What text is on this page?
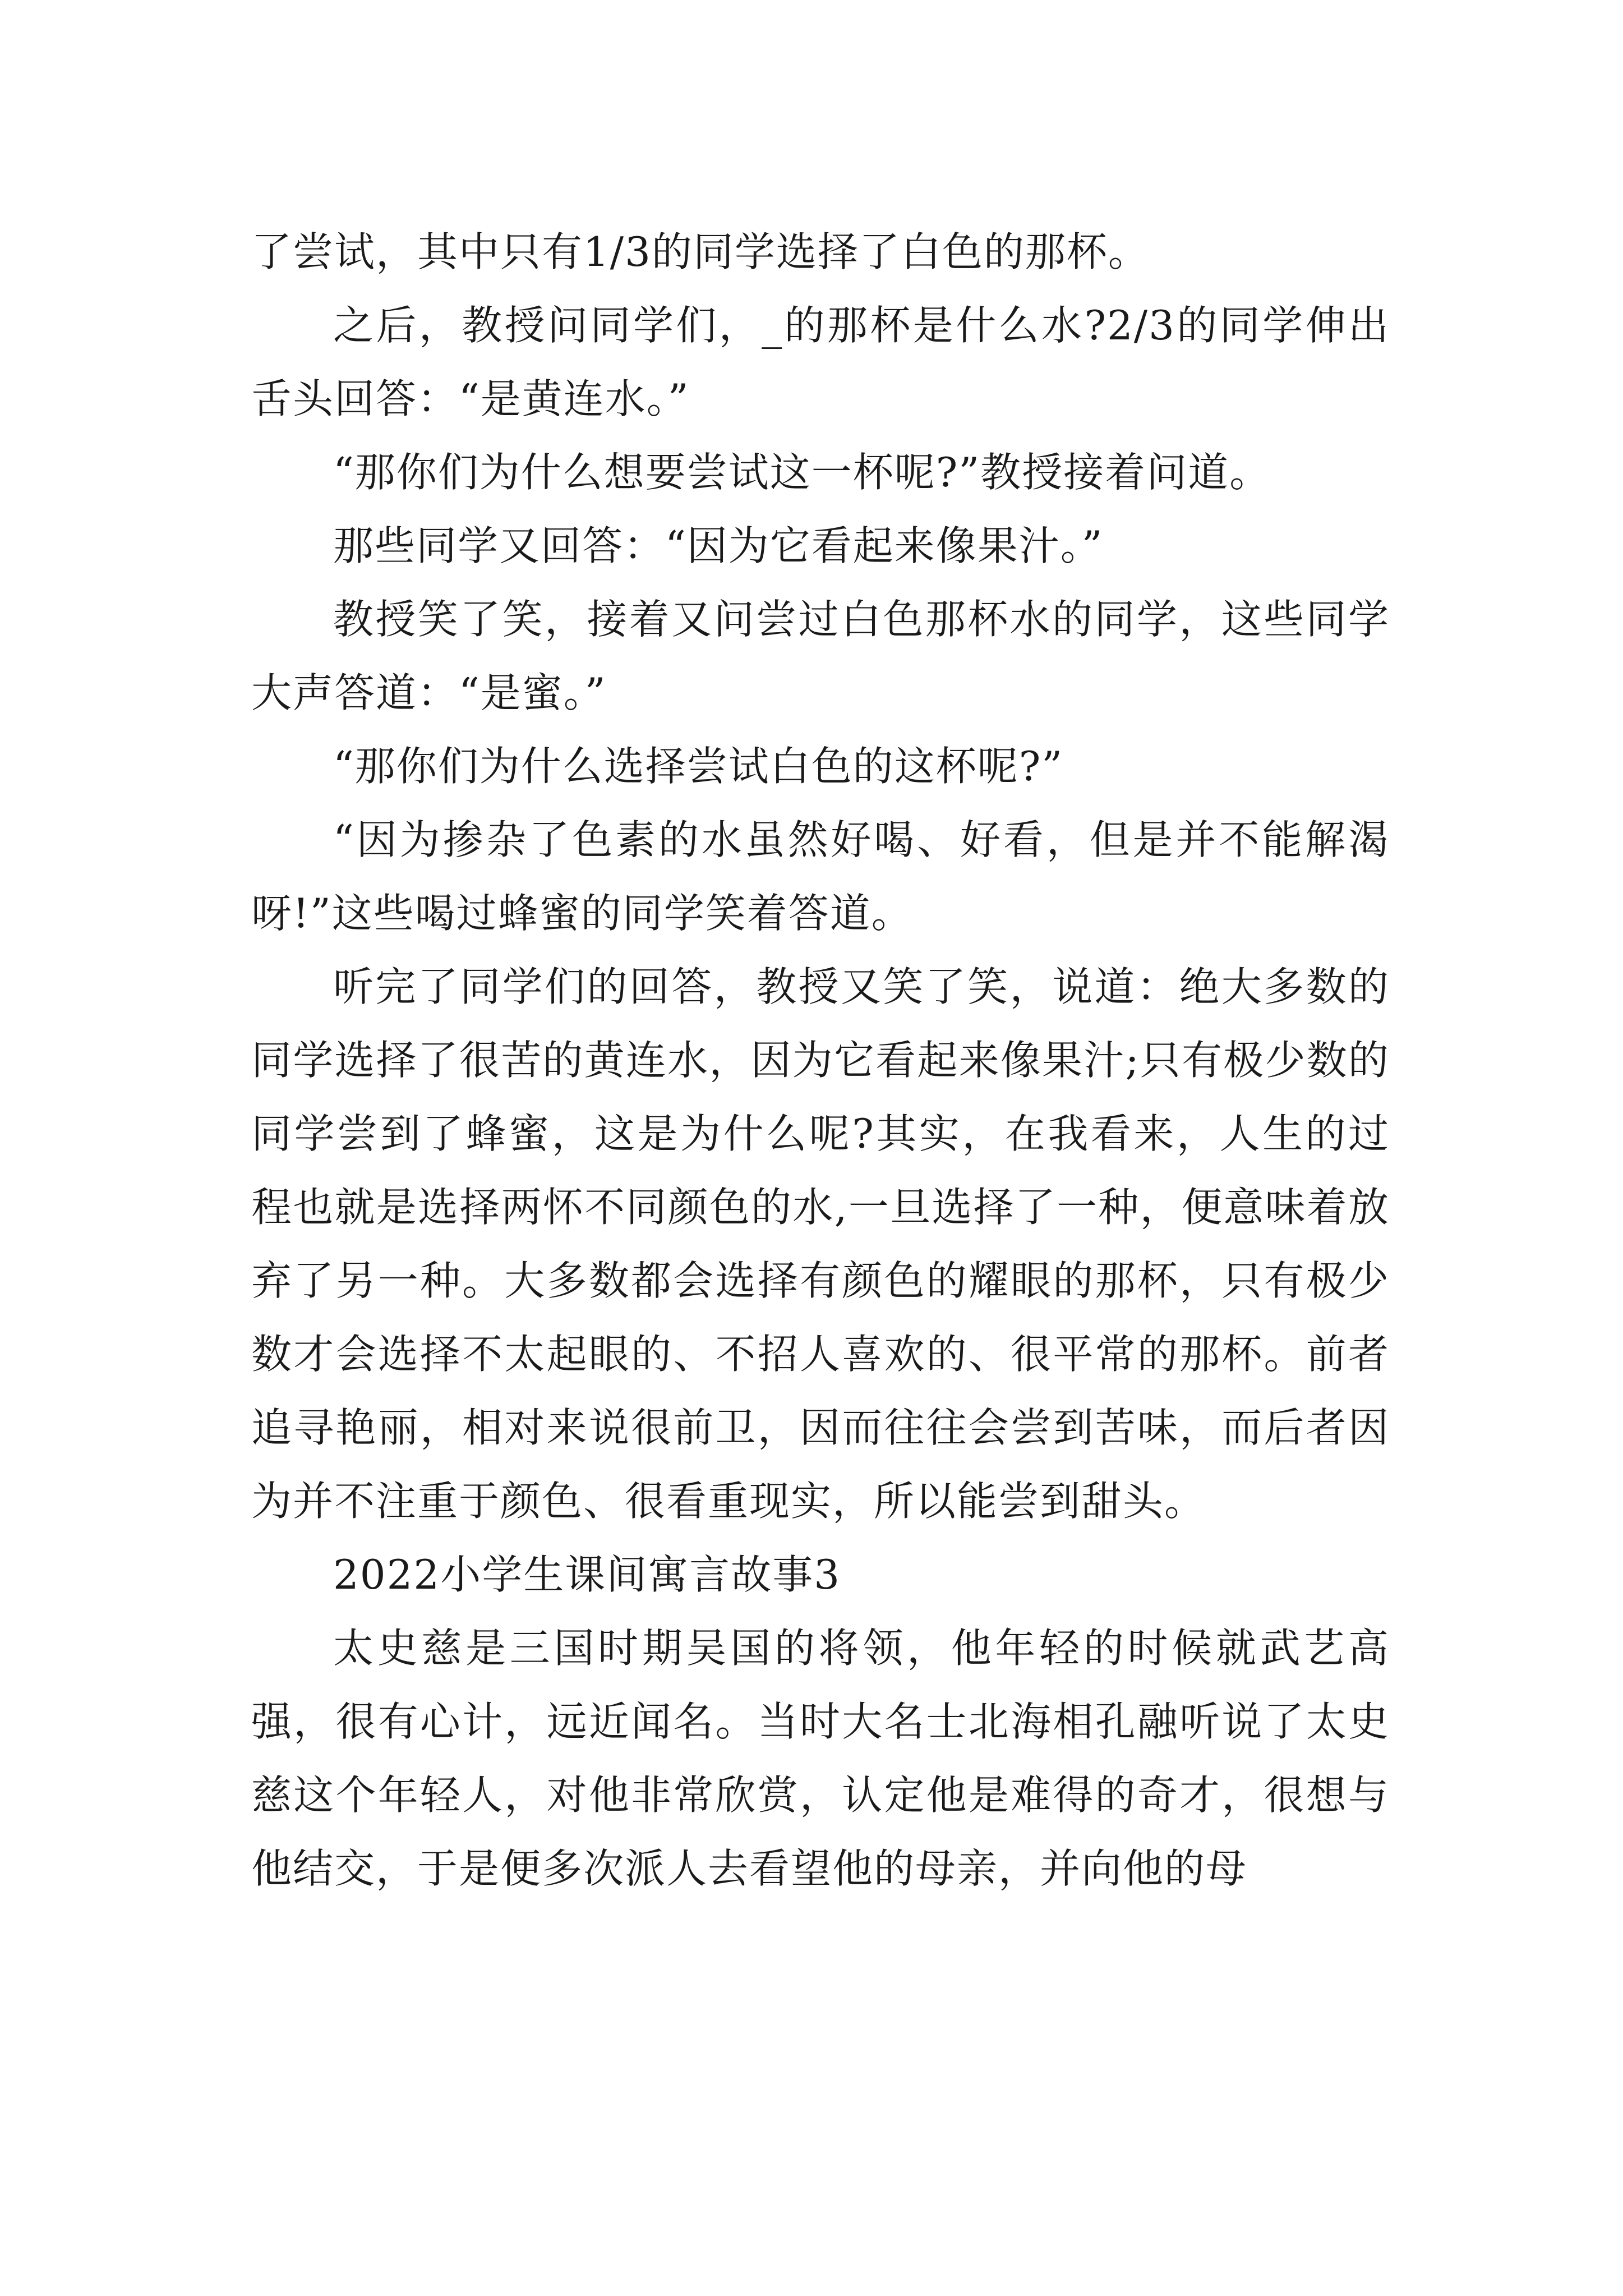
了尝试，其中只有1/3的同学选择了白色的那杯。

之后，教授问同学们，_的那杯是什么水?2/3的同学伸出舌头回答：“是黄连水。”

“那你们为什么想要尝试这一杯呢?”教授接着问道。

那些同学又回答：“因为它看起来像果汁。”

教授笑了笑，接着又问尝过白色那杯水的同学，这些同学大声答道：“是蜜。”

“那你们为什么选择尝试白色的这杯呢?”

“因为掺杂了色素的水虽然好喝、好看，但是并不能解渴呀!”这些喝过蜂蜜的同学笑着答道。

听完了同学们的回答，教授又笑了笑，说道：绝大多数的同学选择了很苦的黄连水，因为它看起来像果汁;只有极少数的同学尝到了蜂蜜，这是为什么呢?其实，在我看来，人生的过程也就是选择两怀不同颜色的水,一旦选择了一种，便意味着放弃了另一种。大多数都会选择有颜色的耀眼的那杯，只有极少数才会选择不太起眼的、不招人喜欢的、很平常的那杯。前者追寻艳丽，相对来说很前卫，因而往往会尝到苦味，而后者因为并不注重于颜色、很看重现实，所以能尝到甜头。

2022小学生课间寓言故事3

太史慈是三国时期吴国的将领，他年轻的时候就武艺高强，很有心计，远近闻名。当时大名士北海相孔融听说了太史慈这个年轻人，对他非常欣赏，认定他是难得的奇才，很想与他结交，于是便多次派人去看望他的母亲，并向他的母
